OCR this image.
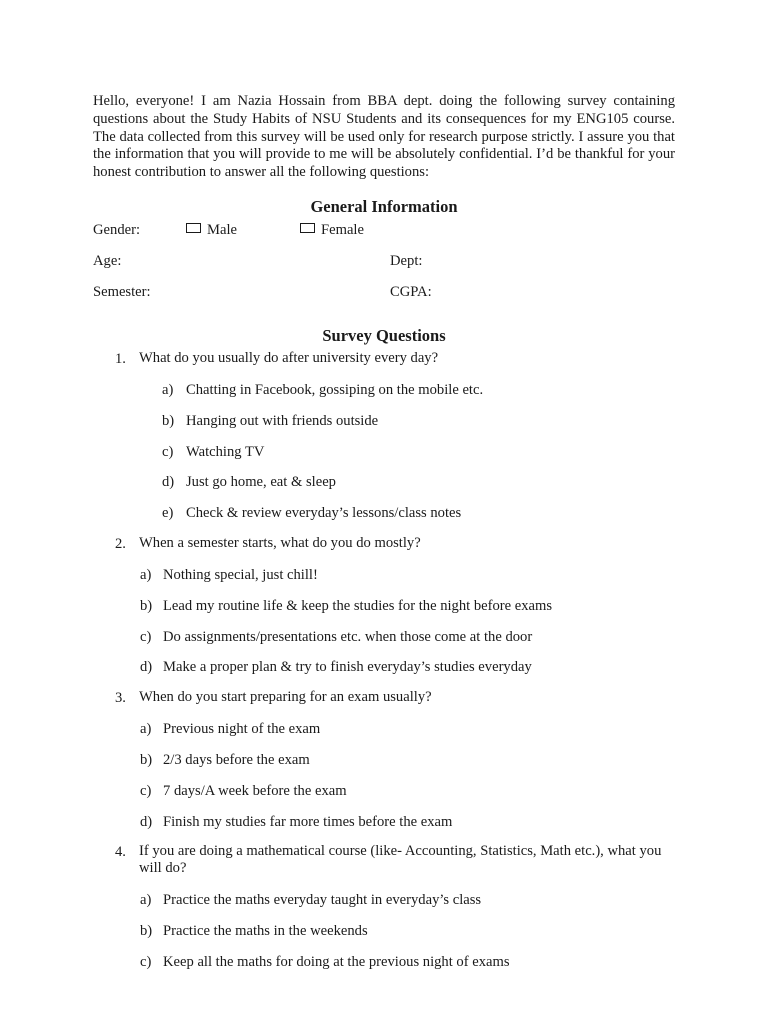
Hello, everyone! I am Nazia Hossain from BBA dept. doing the following survey containing questions about the Study Habits of NSU Students and its consequences for my ENG105 course. The data collected from this survey will be used only for research purpose strictly. I assure you that the information that you will provide to me will be absolutely confidential. I’d be thankful for your honest contribution to answer all the following questions:

General Information
Gender:	Male	Female
Age:	Dept:
Semester:	CGPA:
Survey Questions
1. What do you usually do after university every day?
a) Chatting in Facebook, gossiping on the mobile etc.
b) Hanging out with friends outside
c) Watching TV
d) Just go home, eat & sleep
e) Check & review everyday’s lessons/class notes
2. When a semester starts, what do you do mostly?
a) Nothing special, just chill!
b) Lead my routine life & keep the studies for the night before exams
c) Do assignments/presentations etc. when those come at the door
d) Make a proper plan & try to finish everyday’s studies everyday
3. When do you start preparing for an exam usually?
a) Previous night of the exam
b) 2/3 days before the exam
c) 7 days/A week before the exam
d) Finish my studies far more times before the exam
4. If you are doing a mathematical course (like- Accounting, Statistics, Math etc.), what you will do?
a) Practice the maths everyday taught in everyday’s class
b) Practice the maths in the weekends
c) Keep all the maths for doing at the previous night of exams
